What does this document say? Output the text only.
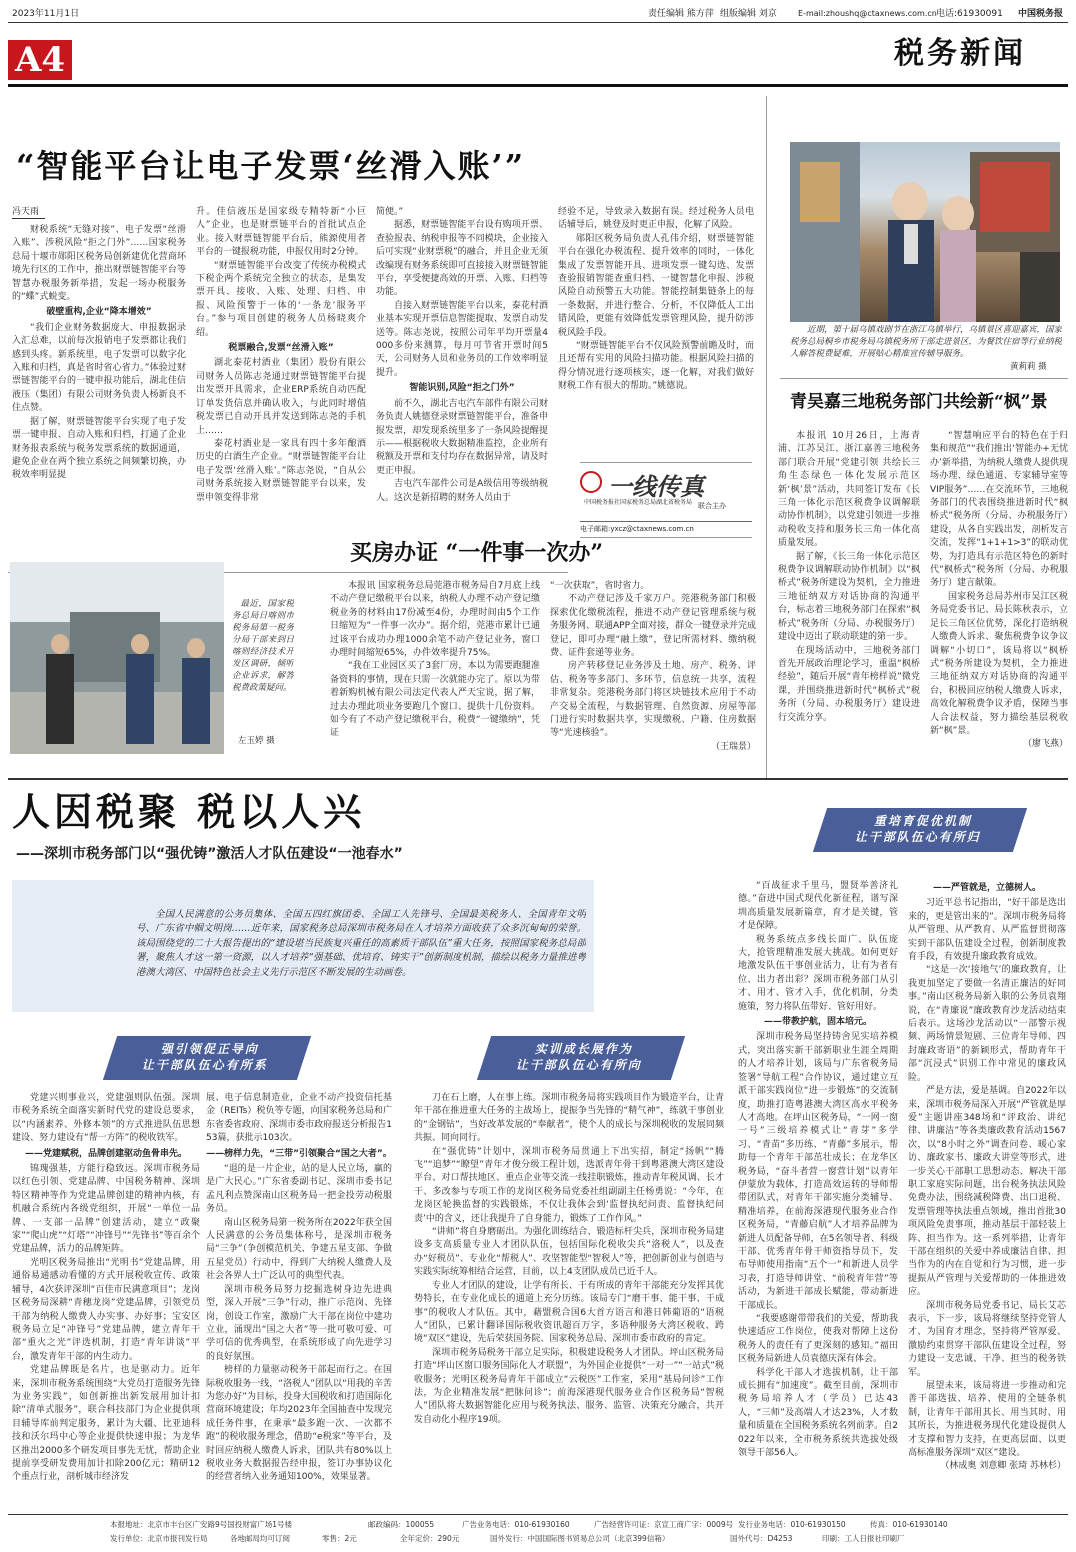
2023年11月1日	责任编辑 熊方萍 组版编辑 刘京	E-mail:zhoushq@ctaxnews.com.cn 电话:61930091 中国税务报
A4	税务新闻
“智能平台让电子发票‘丝滑入账’”
冯天雨

财税系统“无缝对接”、电子发票“丝滑入账”、涉税风险“拒之门外”……国家税务总局十堰市郧阳区税务局创新建优化营商环境先行区的工作中，推出财票链智能平台等智慧办税服务新举措，发起一场办税服务的“蝶”式蜕变。

破壁重构,企业“降本增效”

“我们企业财务数据庞大、申报数据录入汇总难，以前每次报销电子发票都让我们感到头疼。新系统里，电子发票可以数字化入账和归档，真是省时省心省力。”体验过财票链智能平台的一键申报功能后，湖北佳信液压（集团）有限公司财务负责人杨新良不住点赞。

据了解，财票链智能平台实现了电子发票一键申报、自动入账和归档，打通了企业财务报表系统与税务发票系统的数据通道，避免企业在两个独立系统之间频繁切换，办税效率明显提

升。佳信液压是国家级专精特新“小巨人”企业，也是财票链平台的首批试点企业。接入财票链智能平台后，熊源使用者平台的一键报税功能，申报仅用时2分钟。

“财票链智能平台改变了传统办税模式下税企两个系统完全独立的状态，是集发票开具、接收、入账、处理、归档、申报、风险预警于一体的‘一条龙’服务平台。”参与项目创建的税务人员杨晓爽介绍。

税票融合,发票“丝滑入账”

湖北泰花村酒业（集团）股份有限公司财务人员陈志尧通过财票链智能平台提出发票开具需求，企业ERP系统自动匹配订单发货信息并确认收入，与此同时增值税发票已自动开具并发送到陈志尧的手机上……

泰花村酒业是一家具有四十多年酿酒历史的白酒生产企业。“财票链智能平台让电子发票‘丝滑入账’。”陈志尧说，“自从公司财务系统接入财票链智能平台以来，发票申领变得非常

简便。”

据悉，财票链智能平台设有购项开票、查验报表、纳税申报等不同模块，企业接入后可实现“业财票税”的融合，并且企业无须改编现有财务系统即可直接接入财票链智能平台，享受便捷高效的开票、入账、归档等功能。

自接入财票链智能平台以来，泰花村酒业基本实现开票信息智能提取、发票自动发送等。陈志尧说，按照公司年平均开票量4000多份来测算，每月可节省开票时间5天，公司财务人员和业务员的工作效率明显提升。

智能识别,风险“拒之门外”

前不久，湖北吉屯汽车部件有限公司财务负责人姚德登录财票链智能平台，准备申报发票，却发现系统里多了一条风险提醒提示——根据税收大数据精准监控，企业所有税额及开票和支付均存在数据异常，请及时更正申报。

吉屯汽车部件公司是A级信用等级纳税人。这次是新招聘的财务人员由于

经验不足，导致录入数据有误。经过税务人员电话辅导后，姚登及时更正申报，化解了风险。

郧阳区税务局负责人孔伟介绍，财票链智能平台在强化办税流程、提升效率的同时，一体化集成了发票智能开具、进项发票一键勾选、发票查验报销智能查重归档、一键智慧化申报、涉税风险自动预警五大功能。智能控制集链条上的每一条数据，并进行整合、分析，不仅降低人工出错风险，更能有效降低发票管理风险，提升防涉税风险手段。

“财票链智能平台不仅风险预警前瞻及时，而且还帮有实用的风险扫描功能。根据风险扫描的得分情况进行逐项核实，逐一化解，对我们做好财税工作有很大的帮助。”姚德说。

一线传真
中国税务报社国家税务总局湖北省税务局 联合主办
电子邮箱:yxcz@ctaxnews.com.cn

近期，第十届乌镇戏剧节在浙江乌镇举行，乌镇景区喜迎嘉宾，国家税务总局桐乡市税务局乌镇税务所干部走进景区，为餐饮住宿等行业纳税人解答税费疑难，开展贴心精准宣传辅导服务。

黄莉莉 摄
青吴嘉三地税务部门共绘新“枫”景

本报讯 10月26日，上海青浦、江苏吴江、浙江嘉善三地税务部门联合开展“党建引领 共绘长三角生态绿色一体化发展示范区新‘枫’景”活动，共同签订发布《长三角一体化示范区税费争议调解联动协作机制》，以党建引领进一步推动税收支持和服务长三角一体化高质量发展。

据了解，《长三角一体化示范区税费争议调解联动协作机制》以“枫桥式”税务所建设为契机，全力推进三地征纳双方对话协商的沟通平台，标志着三地税务部门在探索“枫桥式”税务所（分局、办税服务厅）建设中迈出了联动联建的第一步。

在现场活动中，三地税务部门首先开展政治理论学习，重温“枫桥经验”，随后开展“青年榜样说”微党课，并围绕推进新时代“枫桥式”税务所（分局、办税服务厅）建设进行交流分享。

“智慧响应平台的特色在于归集和规范”“我们推出‘智能办+无忧办’新举措，为纳税人缴费人提供现场办理、绿色通道、专家辅导室等VIP服务”……在交流环节，三地税务部门的代表围绕推进新时代“枫桥式”税务所（分局、办税服务厅）建设，从各自实践出发，剖析发言交流，发挥“1+1+1>3”的联动优势，为打造具有示范区特色的新时代“枫桥式”税务所（分局、办税服务厅）建言献策。

国家税务总局苏州市吴江区税务局党委书记、局长陈秋表示，立足长三角区位优势，深化打造纳税人缴费人诉求、聚焦税费争议争议调解“小切口”，该局将以“枫桥式”税务所建设为契机，全力推进三地征纳双方对话协商的沟通平台，积极回应纳税人缴费人诉求，高效化解税费争议矛盾，保障当事人合法权益，努力描绘基层税收新“枫”景。

（廖飞燕）

买房办证 “一件事一次办”

最近，国家税务总局日喀则市税务局第一税务分局干部来到日喀则经济技术开发区调研，倾听企业诉求，解答税费政策疑问。

左玉婷 摄

本报讯 国家税务总局莞港市税务局自7月底上线不动产登记缴税平台以来，纳税人办理不动产登记缴税业务的材料由17份减至4份，办理时间由5个工作日缩短为“一件事一次办”。据介绍，莞港市累计已通过该平台成功办理1000余笔不动产登记业务，窗口办理时间缩短65%，办件效率提升75%。

“我在工业园区买了3套厂房，本以为需要跑腿准备资料的事情，现在只需一次就能办完了。原以为带着新购机械有限公司法定代表人严天宝说，据了解，过去办理此项业务要跑几个窗口、提供十几份资料。如今有了不动产登记缴税平台，税费“一键缴纳”，凭证

“一次获取”，省时省力。

不动产登记涉及千家万户。莞港税务部门积极探索优化缴税流程，推进不动产登记管理系统与税务服务网、联通APP全面对接，群众一键登录并完成登记，即可办理“融上缴”，登记所需材料、缴纳税费、证件套递等业务。

房产转移登记业务涉及土地、房产、税务、评估、税务等多部门、多环节，信息统一共享，流程非常复杂。莞港税务部门将区块链技术应用于不动产交易全流程，与数据管理、自然资源、房屋等部门进行实时数据共享，实现缴税、户籍、住房数据等“光速核验”。

（王瑞景）

人因税聚 税以人兴
——深圳市税务部门以“强优铸”激活人才队伍建设“一池春水”
重培育促优机制
让干部队伍心有所归

全国人民满意的公务员集体、全国五四红旗团委、全国工人先锋号、全国最美税务人、全国青年文明号、广东省中帼文明岗……近年来，国家税务总局深圳市税务局在人才培养方面收获了众多沉甸甸的荣誉。该局围绕党的二十大报告提出的“建设堪当民族复兴重任的高素质干部队伍”重大任务，按照国家税务总局部署，聚焦人才这一第一资源，以人才培养“强基础、优培育、铸实干”创新制度机制，描绘以税务力量推进粤港澳大湾区、中国特色社会主义先行示范区不断发展的生动画卷。

强引领促正导向
让干部队伍心有所系
实训成长展作为
让干部队伍心有所向

党建兴则事业兴，党建强则队伍强。深圳市税务系统全面落实新时代党的建设总要求，以“内涵素养、外修本领”的方式推进队伍思想建设、努力建设有“帮一方阵”的税收铁军。

——党建赋税，品牌创建驱动鱼骨串先。

锦瑰强基，方能行稳致远。深圳市税务局以红色引领、党建品牌、中国税务精神、深圳特区精神等作为党建品牌创建的精神内核，有机融合系统内各级党组织，开展“一单位一品牌、一支部一品牌”创建活动，建立“政聚家”“爬山虎”“灯塔”“冲锋号”“先锋书”等百余个党建品牌，活力的品牌矩阵。

光明区税务局推出“光明书”党建品牌，用通俗易通感动看懂的方式开展税收宣传、政策辅导，4次获评深圳“百佳市民满意项目”；龙岗区税务局深耕“青穗龙岗”党建品牌，引领党员干部为纳税人缴费人办实事、办好事；宝安区税务局立足“冲锋号”党建品牌，建立青年干部“重火之光”评选机制，打造“青年讲谈”平台，激发青年干部的内生动力。

党建品牌既是名片，也是驱动力。近年来，深圳市税务系统围绕“大党员打造服务先锋为业务实践”，如创新推出新发展用加计扣除“清单式服务”，联合科技部门为企业提供项目辅导库前判定服务，累计为大疆、比亚迪科技和沃尔玛中心等企业提供快速申报；为龙华区推出2000多个研发项目事先无忧，帮助企业提前享受研发费用加计扣除200亿元；精研12个重点行业，剖析城市经济发

展、电子信息制造业，企业不动产投资信托基金（REITs）税负等专题，向国家税务总局和广东省委省政府、深圳市委市政府报送分析报告153篇，获批示103次。

——榜样力先，“三带”引领聚合“国之大者”。

“退的是一片企业，站的是人民立场，赢的是广大民心。”广东省委副书记、深圳市委书记孟凡利点赞深南山区税务局一把金投劳动税服务员。

南山区税务局第一税务所在2022年获全国人民满意的公务员集体称号，是深圳市税务局“三争”（争创模范机关、争建五星支部、争做五星党员）行动中，得到广大纳税人缴费人及社会各界人士广泛认可的典型代表。

深圳市税务局努力挖掘选树身边先进典型，深入开展“三争”行动，推广示范岗、先锋岗，创设工作室，激励广大干部在岗位中建功立业，涌现出“国之大者”等一批可敬可爱、可学可信的优秀典型，在系统形成了向先进学习的良好氛围。

榜样的力量驱动税务干部起而行之。在国际税收服务一线，“洛税人”团队以“用我的辛苦为您办好”为目标，投身大国税收和打造国际化营商环境建设；年均2023年全国抽查中发现完成任务件事，在秉承“最多跑一次、一次都不跑”的税收服务理念，借助“e税家”等平台，及时回应纳税人缴费人诉求，团队共有80%以上税收业务大数据报告经申报，签订办事协议化的经营者纳入业务通知100%，效果显著。

刀在石上磨，人在事上练。深圳市税务局将实践项目作为锻造平台，让青年干部在推进重大任务的主战场上，提振争当先锋的“精气神”，练就干事创业的“金钢钻”，当好改革发展的“奉献者”，使个人的成长与深圳税收的发展同频共振、同向同行。

在“强优铸”计划中，深圳市税务局贯通上下出实招，制定“扬帆”“腾飞”“追梦”“瞭望”青年才俊分级工程计划，选派青年骨干到粤港澳大湾区建设平台、对口帮扶地区、重点企业等交流一线挂职锻炼，推动青年税风调、长才干、多改参与专项工作的龙岗区税务局党委社组副副主任杨勇说：“今年，在龙岗区轮换监督的实践锻炼，不仅让我体会到‘监督执纪问责、监督执纪问责’中的含义，还让我提升了自身能力，锻炼了工作作风。”

“讲师”将自身磨砺出。为强化训练结合、锻造标杆尖兵，深圳市税务局建设多支高质量专业人才团队队伍，包括国际化税收尖兵“洛税人”，以及查办“好税员”、专业化“帮税人”、攻坚智能型“智税人”等，把创新创业与创造与实践实际统筹相结合运营，目前，以上4支团队成员已近千人。

专业人才团队的建设，让学有所长、干有所成的青年干部能充分发挥其优势特长，在专业化成长的通道上充分历练。该局专门“磨干事、能干事、干成事”的税收人才队伍。其中，藉盟税合国6大首方语言和港日韩葡语的“语税人”团队，已累计翻译国际税收资讯超百万字，多语种服务大湾区税收、跨境“双区”建设，先后荣获国务院、国家税务总局、深圳市委市政府的肯定。

深圳市税务局税务干部立足实际，积极建设税务人才团队。坪山区税务局打造“坪山区窗口服务国际化人才联盟”，为外国企业提供“一对一”“一站式”税收服务；光明区税务局青年干部成立“云税医”工作室，采用“基局问诊”工作法，为企业精准发展“把脉问诊”；前海深港现代服务业合作区税务局“智税人”团队将大数据智能化应用与税务执法、服务、监管、决策充分融合，共开发自动化小程序19项。

“百战征求千里马，盟贤举善济礼德。”奋进中国式现代化新征程，谱写深圳高质量发展新篇章，育才是关键，管才是保障。

税务系统点多线长面广、队伍庞大，抢管理精准发展大挑战。如何更好地激发队伍干事创业活力，让有为者有位、出力者出彩？深圳市税务部门从引才、用才、管才入手，优化机制，分类施策，努力将队伍带好、管好用好。

——带教护航，固本培元。

深圳市税务局坚持铸舍见实培养模式，突出落实新干部新职业生涯全周期的人才培养计划，该局与广东省税务局签署“导航工程”合作协议，通过建立互派干部实践岗位“进一步锻炼”的交流制度，助推打造粤港澳大湾区高水平税务人才高地。在坪山区税务局，“一网一窗一号”三级培养模式让“青芽”多学习、“青苗”多历练、“青藤”多展示，帮助每一个青年干部茁壮成长；在龙华区税务局，“奋斗者营一窗营计划”以青年伊蒙放为载体，打造高效运转的导师帮带团队式，对青年干部实施分类辅导、精准培养，在前海深港现代服务业合作区税务局，“青藤启航”人才培养品牌为新进人员配备导师，在5名领导者、科级干部、优秀青年骨干师资指导员下，发布导师使用指南“五个一”和新进人员学习表，打造导师讲堂、“前税青年营”等活动，为新进干部成长赋能，带动新进干部成长。

“我要感谢带带我们的关爱，帮助我快速适应工作岗位，使我对帮障上这份税务人的责任有了更深刻的感知。”福田区税务局新进人员袁德庆深有体会。

科学化干部人才选拔机制，让干部成长拥有“加速度”。截至目前，深圳市税务局培养人才（学员）已达43人，“三师”及高端人才达23%，人才数量和质量在全国税务系统名列前茅。自2022年以来，全市税务系统共选拔处级领导干部56人。

——严管就是，立德树人。

习近平总书记指出，“好干部是选出来的，更是管出来的”。深圳市税务局将从严管理、从严教育、从严监督贯彻落实到干部队伍建设全过程，创新制度教育手段，有效提升廉政教育成效。

“这是一次‘接地气’的廉政教育，让我更加坚定了要做一名清正廉洁的好同事。”南山区税务局新入职的公务员袁翔说，在“青廉说”廉政教育沙龙活动结束后表示。这场沙龙活动以“一部警示视频、两场情景短剧、三位青年导师、四封廉政寄语”的新颖形式，帮助青年干部“沉浸式”识别工作中常见的廉政风险。

严是方法，爱是基调。自2022年以来，深圳市税务局深入开展“严管就是厚爱”主题讲座348场和“评政治、讲纪律、讲廉洁”等各类廉政教育活动1567次，以“8小时之外”调查问卷、暖心家访、廉政家书、廉政大讲堂等形式，进一步关心干部职工思想动态、解决干部职工家庭实际问题，出台税务执法风险免费办法，围绕减税降费、出口退税、发票管理等执法重点领域，推出首批30项风险免责事项，推动基层干部轻装上阵、担当作为。这一系列举措，让青年干部在组织的关爱中养成廉洁自律、担当作为的内在自觉和行为习惯，进一步提振从严管理与关爱帮助的一体推进效应。

深圳市税务局党委书记、局长艾芯表示，下一步，该局将继续坚持党管人才、为国育才理念，坚持将严管厚爱、激励约束贯穿干部队伍建设全过程，努力建设一支忠诚、干净、担当的税务铁军。

展望未来，该局将进一步推动和完善干部选拔、培养、使用的全链条机制，让青年干部用其长、用当其时、用其所长，为推进税务现代化建设提供人才支撑和智力支持，在更高层面、以更高标准服务深圳“双区”建设。

（林成奥 刘意卿 张琦 苏林杉）

本报地址：北京市丰台区广安路9号国投财富广场1号楼	邮政编码：100055	广告业务电话：010-61930160	广告经营许可证：京宣工商广字：0009号 发行业务电话：010-61930150	传真：010-61930140
发行单位：北京市报刊发行局	各地邮局均可订阅	零售：2元	全年定价：290元	国外发行：中国国际图书贸易总公司（北京399信箱）	国外代号：D4253	印刷：工人日报社印刷厂
